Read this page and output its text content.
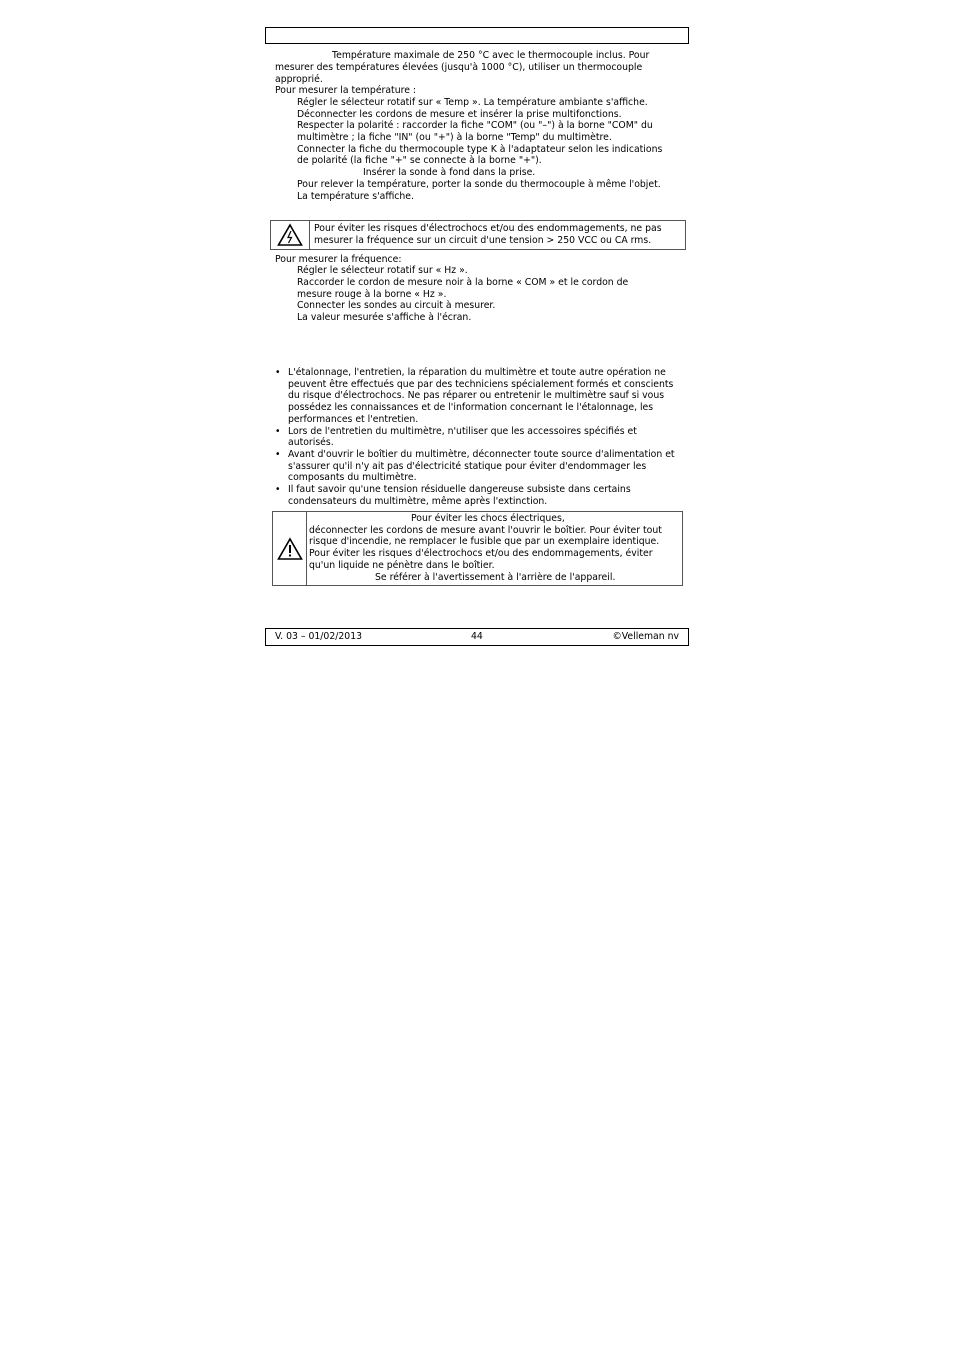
Température maximale de 250 °C avec le thermocouple inclus. Pour
mesurer des températures élevées (jusqu'à 1000 °C), utiliser un thermocouple
approprié.
Pour mesurer la température :
Régler le sélecteur rotatif sur « Temp ». La température ambiante s'affiche.
Déconnecter les cordons de mesure et insérer la prise multifonctions.
Respecter la polarité : raccorder la fiche "COM" (ou "–") à la borne "COM" du
multimètre ; la fiche "IN" (ou "+") à la borne "Temp" du multimètre.
Connecter la fiche du thermocouple type K à l'adaptateur selon les indications
de polarité (la fiche "+" se connecte à la borne "+").
Insérer la sonde à fond dans la prise.
Pour relever la température, porter la sonde du thermocouple à même l'objet.
La température s'affiche.
Pour éviter les risques d'électrochocs et/ou des endommagements, ne pas
mesurer la fréquence sur un circuit d'une tension > 250 VCC ou CA rms.
Pour mesurer la fréquence:
Régler le sélecteur rotatif sur « Hz ».
Raccorder le cordon de mesure noir à la borne « COM » et le cordon de
mesure rouge à la borne « Hz ».
Connecter les sondes au circuit à mesurer.
La valeur mesurée s'affiche à l'écran.
• L'étalonnage, l'entretien, la réparation du multimètre et toute autre opération ne peuvent être effectués que par des techniciens spécialement formés et conscients du risque d'électrochocs. Ne pas réparer ou entretenir le multimètre sauf si vous possédez les connaissances et de l'information concernant le l'étalonnage, les performances et l'entretien.
• Lors de l'entretien du multimètre, n'utiliser que les accessoires spécifiés et autorisés.
• Avant d'ouvrir le boîtier du multimètre, déconnecter toute source d'alimentation et s'assurer qu'il n'y ait pas d'électricité statique pour éviter d'endommager les composants du multimètre.
• Il faut savoir qu'une tension résiduelle dangereuse subsiste dans certains condensateurs du multimètre, même après l'extinction.
Pour éviter les chocs électriques,
déconnecter les cordons de mesure avant l'ouvrir le boîtier. Pour éviter tout
risque d'incendie, ne remplacer le fusible que par un exemplaire identique.
Pour éviter les risques d'électrochocs et/ou des endommagements, éviter
qu'un liquide ne pénètre dans le boîtier.
Se référer à l'avertissement à l'arrière de l'appareil.
V. 03 – 01/02/2013	44	©Velleman nv
